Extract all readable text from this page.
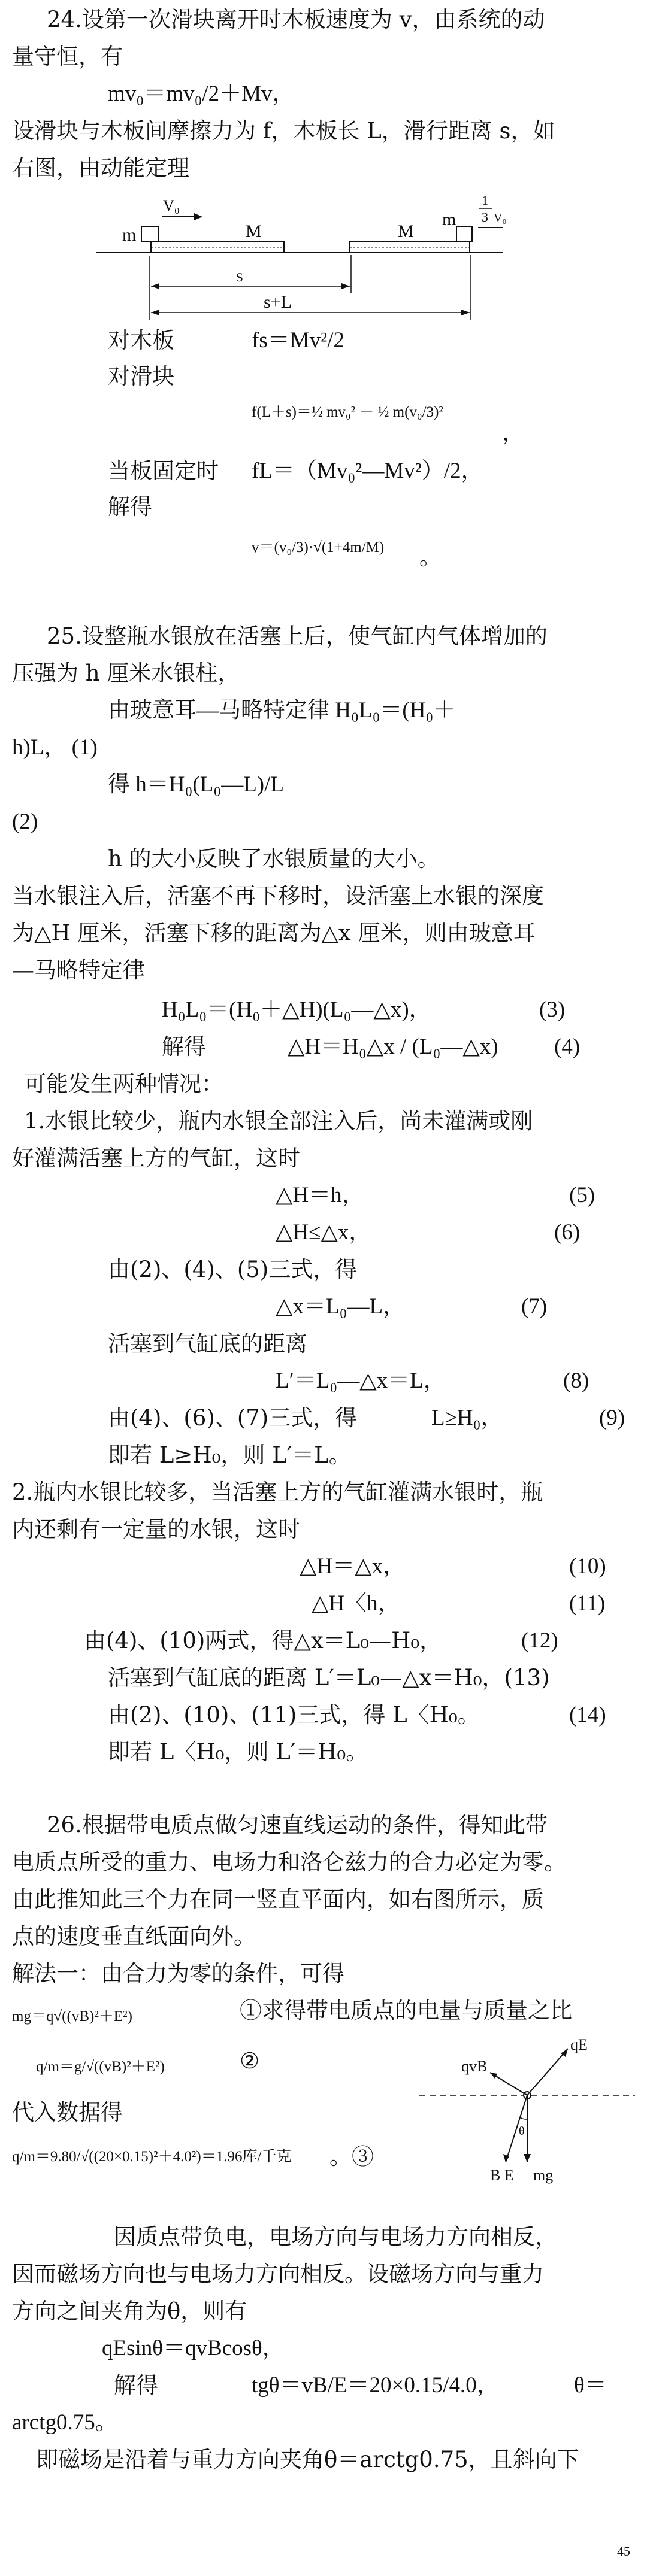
24.设第一次滑块离开时木板速度为 v，由系统的动
量守恒，有
mv₀＝mv₀/2＋Mv，
设滑块与木板间摩擦力为 f，木板长 L，滑行距离 s，如
右图，由动能定理
m
V₀
M
m
M
1
3 V₀
s
s+L
对木板	fs＝Mv²/2
对滑块
f(L＋s)＝½ mv₀² － ½ m(v₀/3)²
，
当板固定时 fL＝（Mv₀²—Mv²）/2，
解得
v＝(v₀/3)·√(1+4m/M) 。
25.设整瓶水银放在活塞上后，使气缸内气体增加的
压强为 h 厘米水银柱，
由玻意耳—马略特定律 H₀L₀＝(H₀＋
h)L， (1)
得 h＝H₀(L₀—L)/L
(2)
h 的大小反映了水银质量的大小。
当水银注入后，活塞不再下移时，设活塞上水银的深度
为△H 厘米，活塞下移的距离为△x 厘米，则由玻意耳
—马略特定律
H₀L₀＝(H₀＋△H)(L₀—△x)，	(3)
解得	△H＝H₀△x / (L₀—△x)	(4)
可能发生两种情况：
1.水银比较少，瓶内水银全部注入后，尚未灌满或刚
好灌满活塞上方的气缸，这时
△H＝h，	(5)
△H≤△x，	(6)
由(2)、(4)、(5)三式，得
△x＝L₀—L，	(7)
活塞到气缸底的距离
L′＝L₀—△x＝L，	(8)
由(4)、(6)、(7)三式，得	L≥H₀，	(9)
即若 L≥H₀，则 L′＝L。
2.瓶内水银比较多，当活塞上方的气缸灌满水银时，瓶
内还剩有一定量的水银，这时
△H＝△x，	(10)
△H〈h，	(11)
由(4)、(10)两式，得△x＝L₀—H₀，	(12)
活塞到气缸底的距离 L′＝L₀—△x＝H₀，(13)
由(2)、(10)、(11)三式，得 L〈H₀。	(14)
即若 L〈H₀，则 L′＝H₀。
26.根据带电质点做匀速直线运动的条件，得知此带
电质点所受的重力、电场力和洛仑兹力的合力必定为零。
由此推知此三个力在同一竖直平面内，如右图所示，质
点的速度垂直纸面向外。
解法一：由合力为零的条件，可得
mg＝q√((vB)²＋E²)	①求得带电质点的电量与质量之比
q/m＝g/√((vB)²＋E²)	②
代入数据得
q/m＝9.80/√((20×0.15)²＋4.0²)＝1.96库/千克 。③
qE
qvB
θ
B E mg
因质点带负电，电场方向与电场力方向相反，
因而磁场方向也与电场力方向相反。设磁场方向与重力
方向之间夹角为θ，则有
qEsinθ＝qvBcosθ，
解得	tgθ＝vB/E＝20×0.15/4.0，	θ＝
arctg0.75。
即磁场是沿着与重力方向夹角θ＝arctg0.75，且斜向下
45
